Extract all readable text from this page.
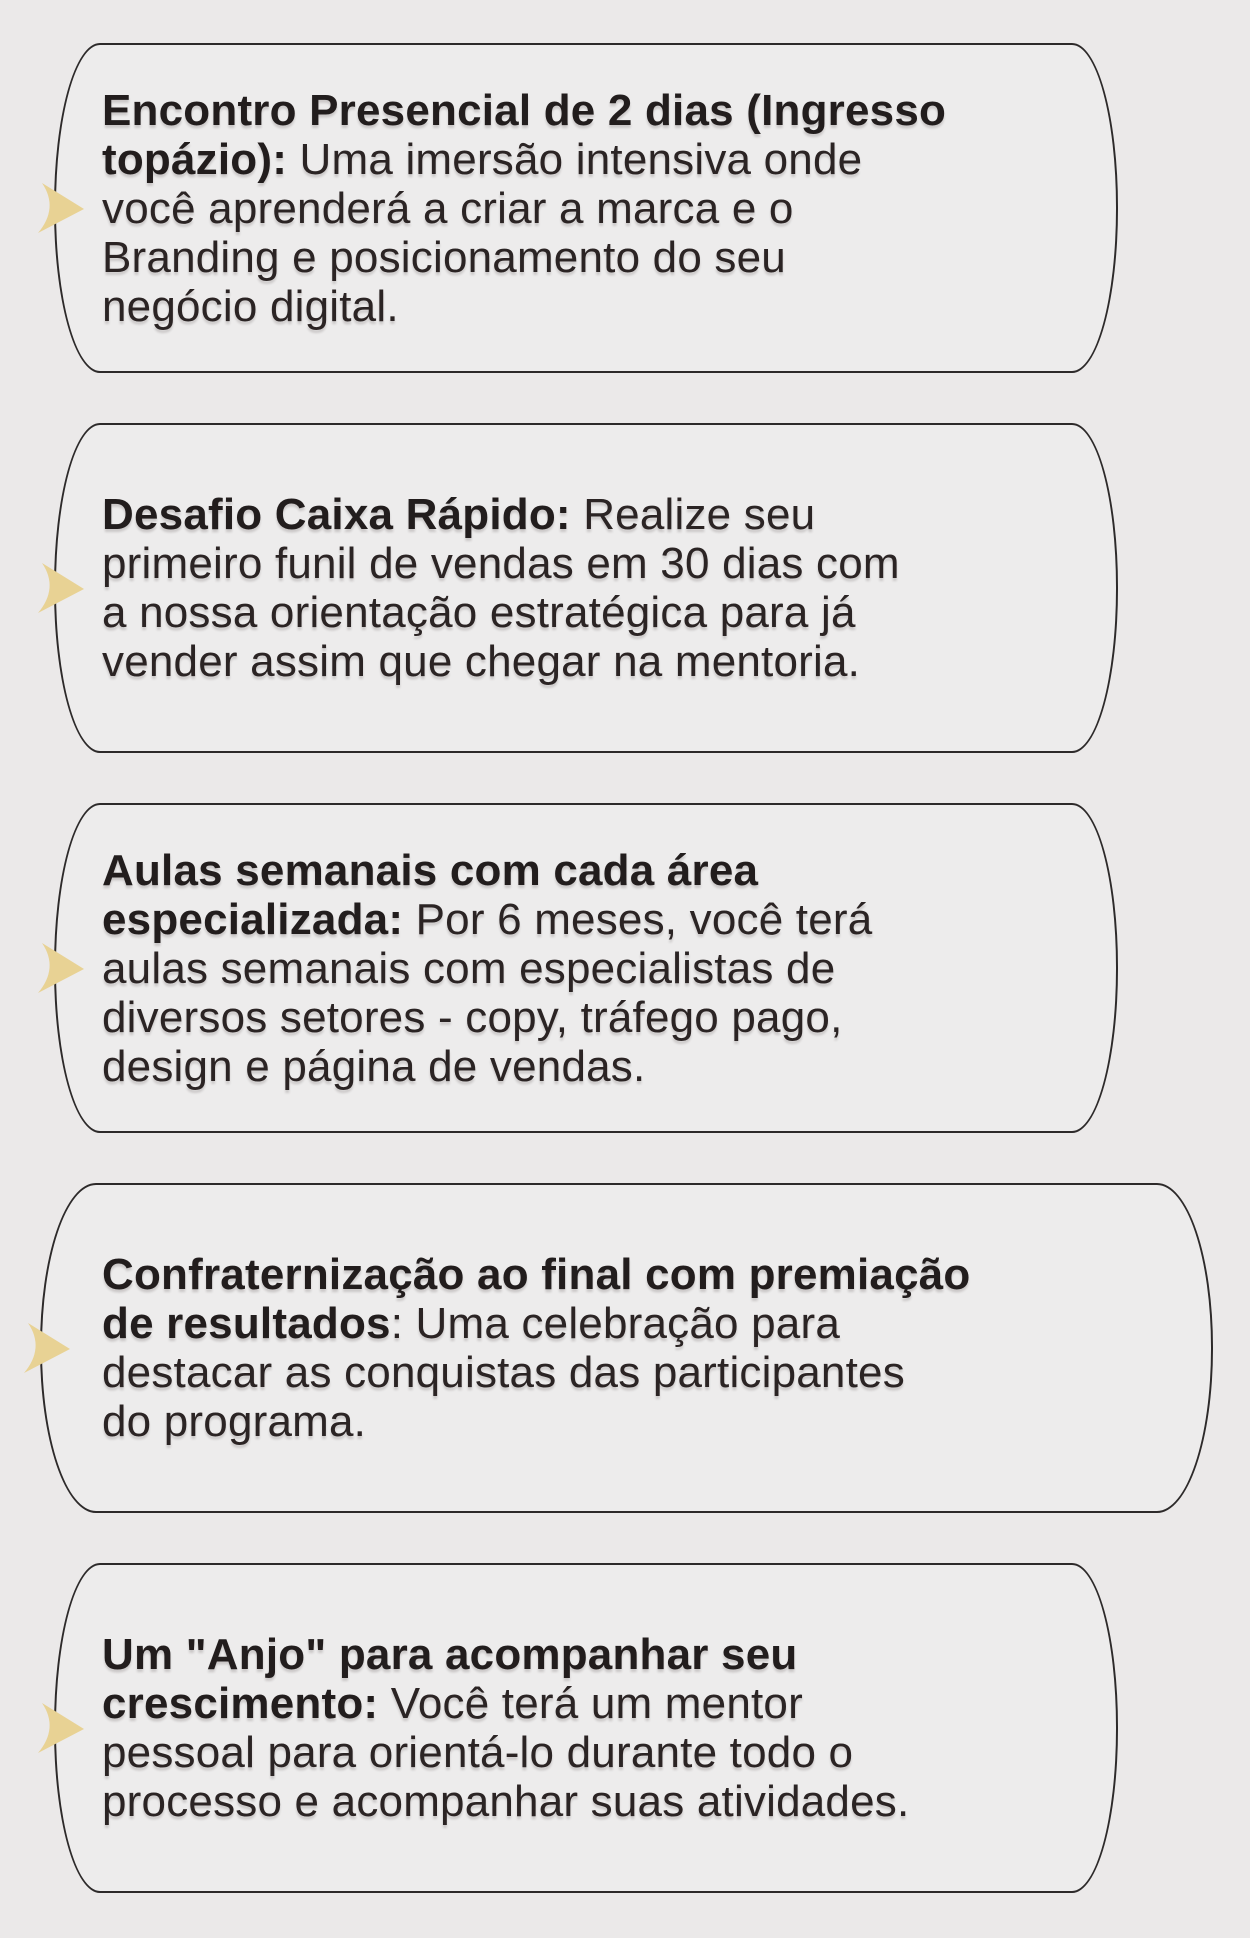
Encontro Presencial de 2 dias (Ingresso
topázio): Uma imersão intensiva onde
você aprenderá a criar a marca e o
Branding e posicionamento do seu
negócio digital.
Desafio Caixa Rápido: Realize seu
primeiro funil de vendas em 30 dias com
a nossa orientação estratégica para já
vender assim que chegar na mentoria.
Aulas semanais com cada área
especializada: Por 6 meses, você terá
aulas semanais com especialistas de
diversos setores - copy, tráfego pago,
design e página de vendas.
Confraternização ao final com premiação
de resultados: Uma celebração para
destacar as conquistas das participantes
do programa.
Um "Anjo" para acompanhar seu
crescimento: Você terá um mentor
pessoal para orientá-lo durante todo o
processo e acompanhar suas atividades.
